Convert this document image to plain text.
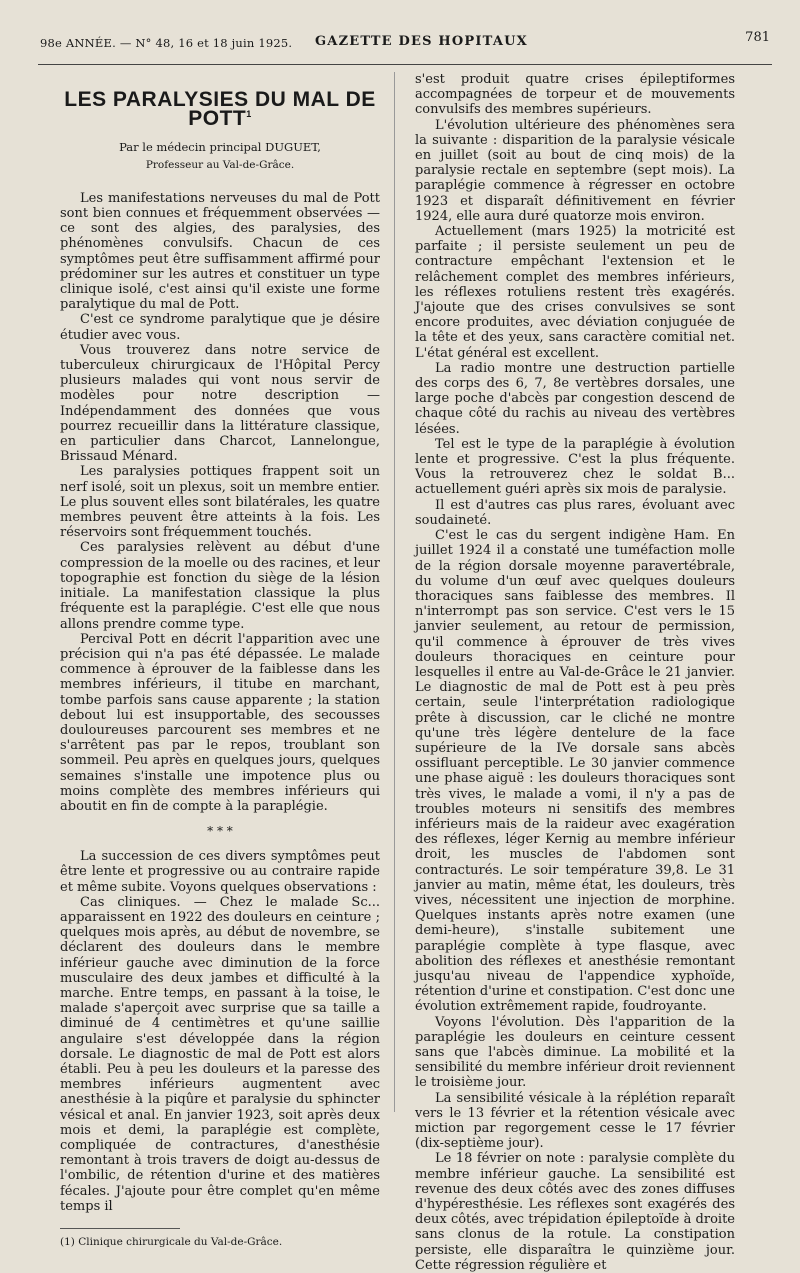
98e ANNÉE. — N° 48, 16 et 18 juin 1925. GAZETTE DES HOPITAUX	781
LES PARALYSIES DU MAL DE POTT$^1$
Par le médecin principal DUGUET,
Professeur au Val-de-Grâce.

Les manifestations nerveuses du mal de Pott sont bien connues et fréquemment observées — ce sont des algies, des paralysies, des phénomènes convulsifs. Chacun de ces symptômes peut être suffisamment affirmé pour prédominer sur les autres et constituer un type clinique isolé, c'est ainsi qu'il existe une forme paralytique du mal de Pott.

C'est ce syndrome paralytique que je désire étudier avec vous.

Vous trouverez dans notre service de tuberculeux chirurgicaux de l'Hôpital Percy plusieurs malades qui vont nous servir de modèles pour notre description — Indépendamment des données que vous pourrez recueillir dans la littérature classique, en particulier dans Charcot, Lannelongue, Brissaud Ménard.

Les paralysies pottiques frappent soit un nerf isolé, soit un plexus, soit un membre entier. Le plus souvent elles sont bilatérales, les quatre membres peuvent être atteints à la fois. Les réservoirs sont fréquemment touchés.

Ces paralysies relèvent au début d'une compression de la moelle ou des racines, et leur topographie est fonction du siège de la lésion initiale. La manifestation classique la plus fréquente est la paraplégie. C'est elle que nous allons prendre comme type.

Percival Pott en décrit l'apparition avec une précision qui n'a pas été dépassée. Le malade commence à éprouver de la faiblesse dans les membres inférieurs, il titube en marchant, tombe parfois sans cause apparente ; la station debout lui est insupportable, des secousses douloureuses parcourent ses membres et ne s'arrêtent pas par le repos, troublant son sommeil. Peu après en quelques jours, quelques semaines s'installe une impotence plus ou moins complète des membres inférieurs qui aboutit en fin de compte à la paraplégie.

* * *

La succession de ces divers symptômes peut être lente et progressive ou au contraire rapide et même subite. Voyons quelques observations :

Cas cliniques. — Chez le malade Sc... apparaissent en 1922 des douleurs en ceinture ; quelques mois après, au début de novembre, se déclarent des douleurs dans le membre inférieur gauche avec diminution de la force musculaire des deux jambes et difficulté à la marche. Entre temps, en passant à la toise, le malade s'aperçoit avec surprise que sa taille a diminué de 4 centimètres et qu'une saillie angulaire s'est développée dans la région dorsale. Le diagnostic de mal de Pott est alors établi. Peu à peu les douleurs et la paresse des membres inférieurs augmentent avec anesthésie à la piqûre et paralysie du sphincter vésical et anal. En janvier 1923, soit après deux mois et demi, la paraplégie est complète, compliquée de contractures, d'anesthésie remontant à trois travers de doigt au-dessus de l'ombilic, de rétention d'urine et des matières fécales. J'ajoute pour être complet qu'en même temps il

(1) Clinique chirurgicale du Val-de-Grâce.

s'est produit quatre crises épileptiformes accompagnées de torpeur et de mouvements convulsifs des membres supérieurs.

L'évolution ultérieure des phénomènes sera la suivante : disparition de la paralysie vésicale en juillet (soit au bout de cinq mois) de la paralysie rectale en septembre (sept mois). La paraplégie commence à régresser en octobre 1923 et disparaît définitivement en février 1924, elle aura duré quatorze mois environ.

Actuellement (mars 1925) la motricité est parfaite ; il persiste seulement un peu de contracture empêchant l'extension et le relâchement complet des membres inférieurs, les réflexes rotuliens restent très exagérés. J'ajoute que des crises convulsives se sont encore produites, avec déviation conjuguée de la tête et des yeux, sans caractère comitial net. L'état général est excellent.

La radio montre une destruction partielle des corps des 6, 7, 8e vertèbres dorsales, une large poche d'abcès par congestion descend de chaque côté du rachis au niveau des vertèbres lésées.

Tel est le type de la paraplégie à évolution lente et progressive. C'est la plus fréquente. Vous la retrouverez chez le soldat B... actuellement guéri après six mois de paralysie.

Il est d'autres cas plus rares, évoluant avec soudaineté.

C'est le cas du sergent indigène Ham. En juillet 1924 il a constaté une tuméfaction molle de la région dorsale moyenne paravertébrale, du volume d'un œuf avec quelques douleurs thoraciques sans faiblesse des membres. Il n'interrompt pas son service. C'est vers le 15 janvier seulement, au retour de permission, qu'il commence à éprouver de très vives douleurs thoraciques en ceinture pour lesquelles il entre au Val-de-Grâce le 21 janvier. Le diagnostic de mal de Pott est à peu près certain, seule l'interprétation radiologique prête à discussion, car le cliché ne montre qu'une très légère dentelure de la face supérieure de la IVe dorsale sans abcès ossifluant perceptible. Le 30 janvier commence une phase aiguë : les douleurs thoraciques sont très vives, le malade a vomi, il n'y a pas de troubles moteurs ni sensitifs des membres inférieurs mais de la raideur avec exagération des réflexes, léger Kernig au membre inférieur droit, les muscles de l'abdomen sont contracturés. Le soir température 39,8. Le 31 janvier au matin, même état, les douleurs, très vives, nécessitent une injection de morphine. Quelques instants après notre examen (une demi-heure), s'installe subitement une paraplégie complète à type flasque, avec abolition des réflexes et anesthésie remontant jusqu'au niveau de l'appendice xyphoïde, rétention d'urine et constipation. C'est donc une évolution extrêmement rapide, foudroyante.

Voyons l'évolution. Dès l'apparition de la paraplégie les douleurs en ceinture cessent sans que l'abcès diminue. La mobilité et la sensibilité du membre inférieur droit reviennent le troisième jour.

La sensibilité vésicale à la réplétion reparaît vers le 13 février et la rétention vésicale avec miction par regorgement cesse le 17 février (dix-septième jour).

Le 18 février on note : paralysie complète du membre inférieur gauche. La sensibilité est revenue des deux côtés avec des zones diffuses d'hypéresthésie. Les réflexes sont exagérés des deux côtés, avec trépidation épileptoïde à droite sans clonus de la rotule. La constipation persiste, elle disparaîtra le quinzième jour. Cette régression régulière et
